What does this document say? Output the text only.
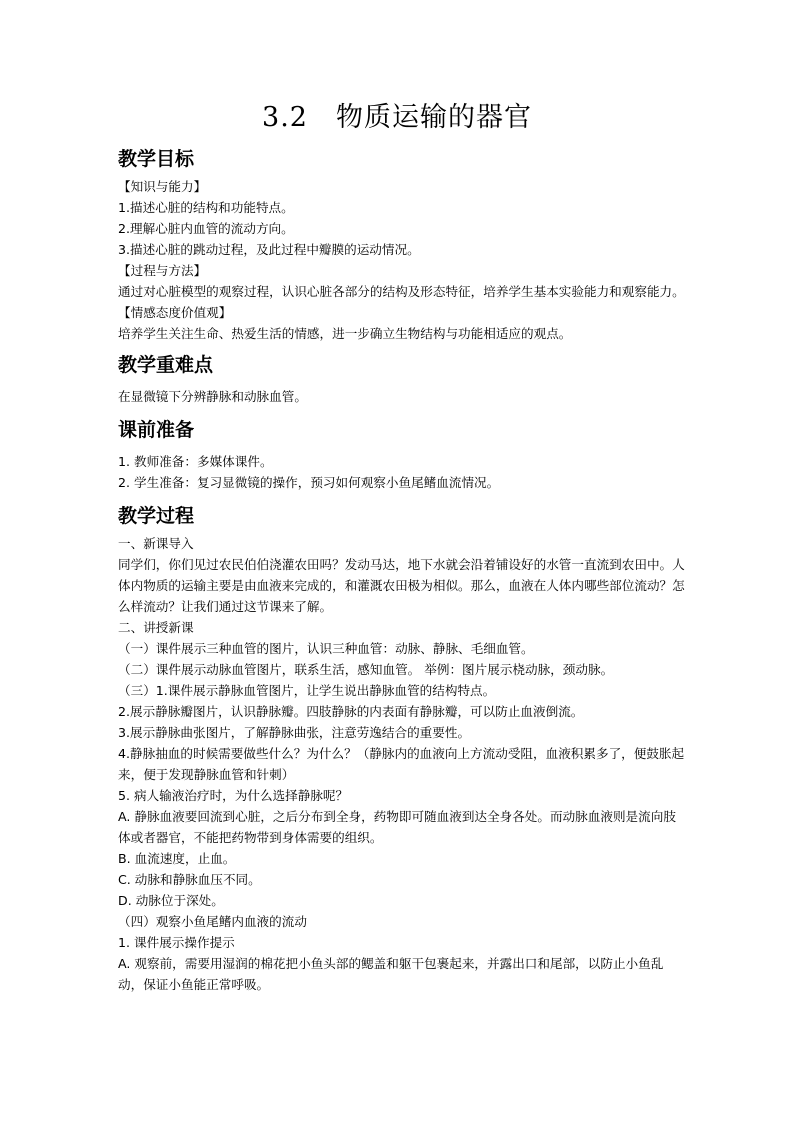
3.2　物质运输的器官
教学目标

【知识与能力】

1.描述心脏的结构和功能特点。

2.理解心脏内血管的流动方向。

3.描述心脏的跳动过程，及此过程中瓣膜的运动情况。

【过程与方法】

通过对心脏模型的观察过程，认识心脏各部分的结构及形态特征，培养学生基本实验能力和观察能力。

【情感态度价值观】

培养学生关注生命、热爱生活的情感，进一步确立生物结构与功能相适应的观点。

教学重难点

在显微镜下分辨静脉和动脉血管。

课前准备

1. 教师准备：多媒体课件。

2. 学生准备：复习显微镜的操作，预习如何观察小鱼尾鳍血流情况。

教学过程

一、新课导入

同学们，你们见过农民伯伯浇灌农田吗？发动马达，地下水就会沿着铺设好的水管一直流到农田中。人体内物质的运输主要是由血液来完成的，和灌溉农田极为相似。那么，血液在人体内哪些部位流动？怎么样流动？让我们通过这节课来了解。

二、讲授新课

（一）课件展示三种血管的图片，认识三种血管：动脉、静脉、毛细血管。

（二）课件展示动脉血管图片，联系生活，感知血管。 举例：图片展示桡动脉，颈动脉。

（三）1.课件展示静脉血管图片，让学生说出静脉血管的结构特点。

2.展示静脉瓣图片，认识静脉瓣。四肢静脉的内表面有静脉瓣，可以防止血液倒流。

3.展示静脉曲张图片，了解静脉曲张，注意劳逸结合的重要性。

4.静脉抽血的时候需要做些什么？为什么？（静脉内的血液向上方流动受阻，血液积累多了，便鼓胀起来，便于发现静脉血管和针刺）

5. 病人输液治疗时，为什么选择静脉呢？

A. 静脉血液要回流到心脏，之后分布到全身，药物即可随血液到达全身各处。而动脉血液则是流向肢体或者器官，不能把药物带到身体需要的组织。

B. 血流速度，止血。

C. 动脉和静脉血压不同。

D. 动脉位于深处。

（四）观察小鱼尾鳍内血液的流动

1. 课件展示操作提示

A. 观察前，需要用湿润的棉花把小鱼头部的鳃盖和躯干包裹起来，并露出口和尾部，以防止小鱼乱动，保证小鱼能正常呼吸。
